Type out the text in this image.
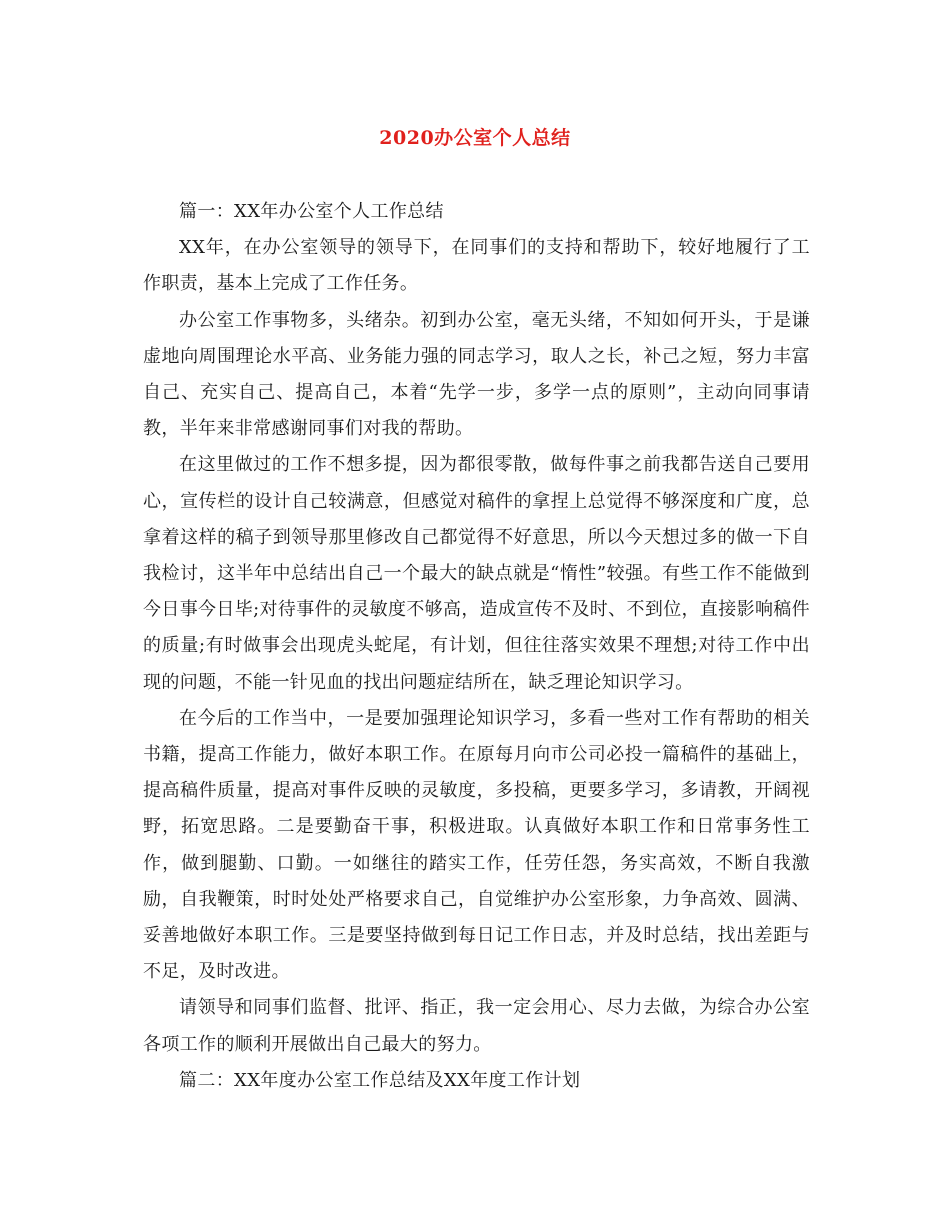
2020办公室个人总结

篇一：XX年办公室个人工作总结

XX年，在办公室领导的领导下，在同事们的支持和帮助下，较好地履行了工作职责，基本上完成了工作任务。

办公室工作事物多，头绪杂。初到办公室，毫无头绪，不知如何开头，于是谦虚地向周围理论水平高、业务能力强的同志学习，取人之长，补己之短，努力丰富自己、充实自己、提高自己，本着“先学一步，多学一点的原则”，主动向同事请教，半年来非常感谢同事们对我的帮助。

在这里做过的工作不想多提，因为都很零散，做每件事之前我都告送自己要用心，宣传栏的设计自己较满意，但感觉对稿件的拿捏上总觉得不够深度和广度，总拿着这样的稿子到领导那里修改自己都觉得不好意思，所以今天想过多的做一下自我检讨，这半年中总结出自己一个最大的缺点就是“惰性”较强。有些工作不能做到今日事今日毕;对待事件的灵敏度不够高，造成宣传不及时、不到位，直接影响稿件的质量;有时做事会出现虎头蛇尾，有计划，但往往落实效果不理想;对待工作中出现的问题，不能一针见血的找出问题症结所在，缺乏理论知识学习。

在今后的工作当中，一是要加强理论知识学习，多看一些对工作有帮助的相关书籍，提高工作能力，做好本职工作。在原每月向市公司必投一篇稿件的基础上，提高稿件质量，提高对事件反映的灵敏度，多投稿，更要多学习，多请教，开阔视野，拓宽思路。二是要勤奋干事，积极进取。认真做好本职工作和日常事务性工作，做到腿勤、口勤。一如继往的踏实工作，任劳任怨，务实高效，不断自我激励，自我鞭策，时时处处严格要求自己，自觉维护办公室形象，力争高效、圆满、妥善地做好本职工作。三是要坚持做到每日记工作日志，并及时总结，找出差距与不足，及时改进。

请领导和同事们监督、批评、指正，我一定会用心、尽力去做，为综合办公室各项工作的顺利开展做出自己最大的努力。

篇二：XX年度办公室工作总结及XX年度工作计划
